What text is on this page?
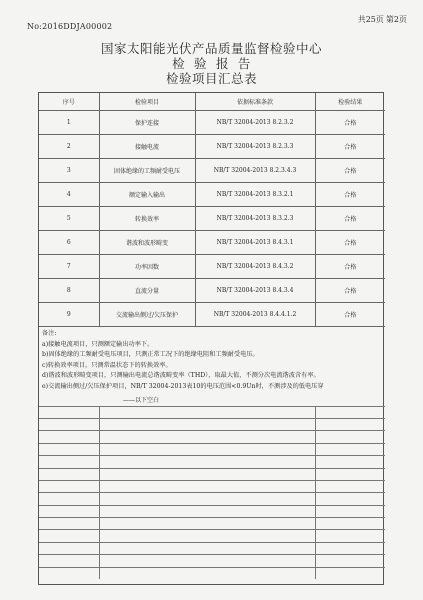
No:2016DDJA00002
共25页 第2页
国家太阳能光伏产品质量监督检验中心
检  验  报  告
检验项目汇总表
序号	检验项目	依据标准条款	检验结果
1	保护连接	NB/T 32004-2013 8.2.3.2	合格
2	接触电流	NB/T 32004-2013 8.2.3.3	合格
3	固体绝缘的工频耐受电压	NB/T 32004-2013 8.2.3.4.3	合格
4	额定输入输出	NB/T 32004-2013 8.3.2.1	合格
5	转换效率	NB/T 32004-2013 8.3.2.3	合格
6	谐波和波形畸变	NB/T 32004-2013 8.4.3.1	合格
7	功率因数	NB/T 32004-2013 8.4.3.2	合格
8	直流分量	NB/T 32004-2013 8.4.3.4	合格
9	交流输出侧过/欠压保护	NB/T 32004-2013 8.4.4.1.2	合格
备注:
a)接触电流项目，只测额定输出功率下。
b)固体绝缘的工频耐受电压项目，只测正常工况下的绝缘电阻和工频耐受电压。
c)转换效率项目，只测常温状态下的转换效率。
d)谐波和波形畸变项目，只测输出电流总谐波畸变率（THD），取最大值，不测分次电流谐波含有率。
e)交流输出侧过/欠压保护项目，NB/T 32004-2013表10的电压范围<0.9Un时，不测涉及的低电压穿
——以下空白
